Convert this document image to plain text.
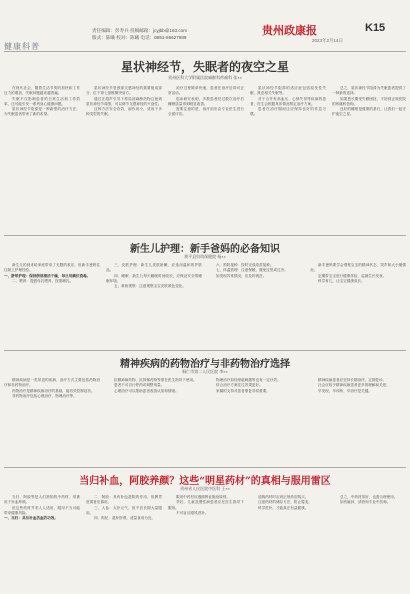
责任编辑：彭寿兵 投稿邮箱：jcyjbb@163.com
版式：陈曦 校对：陈曦 电话：0851-86627989
贵州政康报	K15
2023年2月14日
健康科普
星状神经节，失眠者的夜空之星
贵州医科大学附属医院麻醉科疼痛科 张××

在现代社会，随着生活节奏的加快和工作压力的增加，失眠问题越来越普遍。

失眠不仅影响患者的日常生活和工作效率，还可能引发一系列身心健康问题。

星状神经节阻滞是一种新型的治疗方法，为失眠患者带来了新的希望。

星状神经节是颈部交感神经的重要组成部分，位于第七颈椎横突前方。

通过在超声引导下将局部麻醉药物注射到星状神经节周围，可以调节交感神经的兴奋性。

这种方法安全有效，副作用小，适用于多种类型的失眠。

治疗过程简单快速，患者在治疗后即可正常活动。

临床研究表明，多数患者经过数次治疗后睡眠质量得到明显改善。

需要注意的是，治疗前应由专业医生进行全面评估。

星状神经节阻滞的适应症包括原发性失眠、焦虑相关失眠等。

对于合并有高血压、心律失常等疾病的患者，医生会根据具体情况制定治疗方案。

患者在治疗期间还应保持良好的作息习惯。

总之，星状神经节阻滞为失眠患者提供了一种新的选择。

如果您长期受失眠困扰，不妨到正规医院的疼痛科咨询。

良好的睡眠是健康的基石，让我们一起守护夜空之星。

新生儿护理：新手爸妈的必备知识
黄平县妇幼保健院 杨××

新生儿的到来给家庭带来了无限的欢乐，但新手爸妈往往缺乏护理经验。

一、脐带护理：保持脐部清洁干燥，每日用碘伏消毒。

二、喂养：提倡母乳喂养，按需哺乳。

三、皮肤护理：新生儿皮肤娇嫩，应选用温和的护肤品。

四、睡眠：新生儿每天睡眠时间较长，应保证安全的睡眠环境。

五、黄疸观察：注意观察宝宝皮肤颜色变化。

六、预防接种：按时完成疫苗接种。

七、体温管理：注意保暖，避免过热或过冷。

如发现异常情况，应及时就医。

新手爸妈要学会观察宝宝的精神状态、哭声和大小便情况。

定期带宝宝进行健康体检，监测生长发育。

科学育儿，让宝宝健康成长。

精神疾病的药物治疗与非药物治疗选择
铜仁市第二人民医院 李××

精神疾病是一类常见的疾病，治疗方式主要包括药物治疗和非药物治疗。

药物治疗是精神疾病治疗的基础，能有效控制症状。

非药物治疗包括心理治疗、物理治疗等。

抗精神病药物、抗抑郁药物等需在医生指导下使用。

患者不可自行停药或调整剂量。

心理治疗可以帮助患者改善认知和情绪。

物理治疗如经颅磁刺激等也有一定疗效。

综合治疗方案往往效果更好。

家属的支持对患者康复非常重要。

精神疾病患者应坚持长期治疗，定期复诊。

社会应给予精神疾病患者更多的理解和关爱。

早发现、早诊断、早治疗是关键。

当归补血，阿胶养颜？这些“明星药材”的真相与服用雷区
贵州省人民医院中医科 王××

当归、阿胶等是人们熟知的中药材，常被用于补血养颜。

但这些药材并非人人适用，服用不当可能带来健康风险。

一、当归：具有补血活血的功效。

二、阿胶：具有补血滋阴的作用，但脾胃虚弱者应慎用。

三、人参：大补元气，但不宜长期大量服用。

四、枸杞：滋补肝肾，适量食用为宜。

服用中药材应遵循辨证施治原则。

孕妇、儿童及慢性病患者应在医生指导下服用。

不可盲目跟风进补。

选购药材时应到正规药店购买。

注意药材的储存方法，防止霉变。

科学进补，才能真正有益健康。

总之，中药材虽好，也需合理使用。

如有疑问，请咨询专业中医师。
